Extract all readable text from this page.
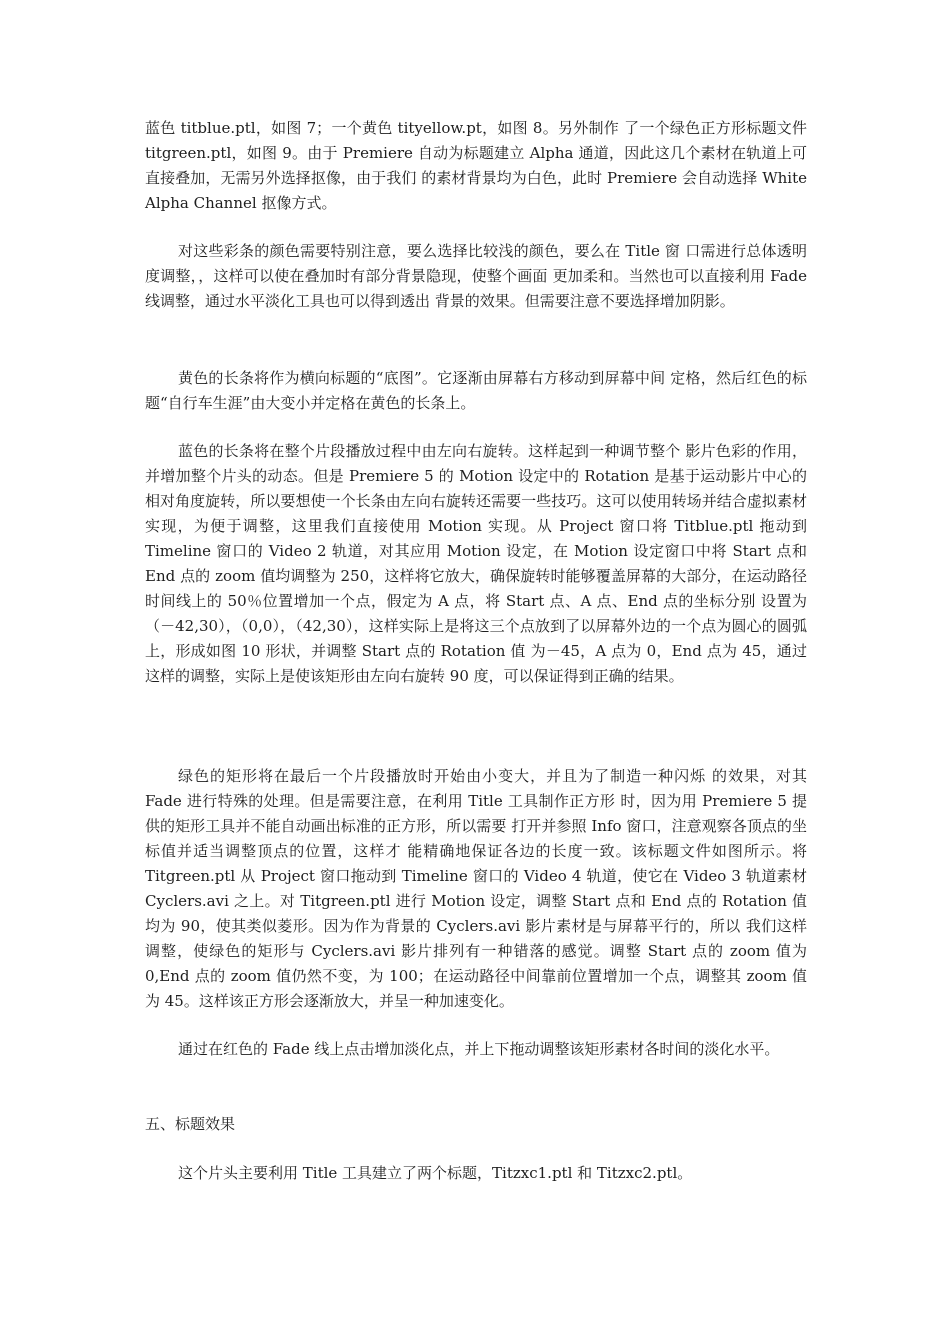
蓝色 titblue.ptl，如图 7；一个黄色 tityellow.pt，如图 8。另外制作 了一个绿色正方形标题文件 titgreen.ptl，如图 9。由于 Premiere 自动为标题建立 Alpha 通道，因此这几个素材在轨道上可直接叠加，无需另外选择抠像，由于我们 的素材背景均为白色，此时 Premiere 会自动选择 White Alpha Channel 抠像方式。

对这些彩条的颜色需要特别注意，要么选择比较浅的颜色，要么在 Title 窗 口需进行总体透明度调整，，这样可以使在叠加时有部分背景隐现，使整个画面 更加柔和。当然也可以直接利用 Fade 线调整，通过水平淡化工具也可以得到透出 背景的效果。但需要注意不要选择增加阴影。

黄色的长条将作为横向标题的“底图”。它逐渐由屏幕右方移动到屏幕中间 定格，然后红色的标题“自行车生涯”由大变小并定格在黄色的长条上。

蓝色的长条将在整个片段播放过程中由左向右旋转。这样起到一种调节整个 影片色彩的作用，并增加整个片头的动态。但是 Premiere 5 的 Motion 设定中的 Rotation 是基于运动影片中心的相对角度旋转，所以要想使一个长条由左向右旋转还需要一些技巧。这可以使用转场并结合虚拟素材实现，为便于调整，这里我们直接使用 Motion 实现。从 Project 窗口将 Titblue.ptl 拖动到 Timeline 窗口的 Video 2 轨道，对其应用 Motion 设定，在 Motion 设定窗口中将 Start 点和 End 点的 zoom 值均调整为 250，这样将它放大，确保旋转时能够覆盖屏幕的大部分，在运动路径时间线上的 50％位置增加一个点，假定为 A 点，将 Start 点、A 点、End 点的坐标分别 设置为（－42,30），（0,0），（42,30），这样实际上是将这三个点放到了以屏幕外边的一个点为圆心的圆弧上，形成如图 10 形状，并调整 Start 点的 Rotation 值 为－45，A 点为 0，End 点为 45，通过这样的调整，实际上是使该矩形由左向右旋转 90 度，可以保证得到正确的结果。

绿色的矩形将在最后一个片段播放时开始由小变大，并且为了制造一种闪烁 的效果，对其 Fade 进行特殊的处理。但是需要注意，在利用 Title 工具制作正方形 时，因为用 Premiere 5 提供的矩形工具并不能自动画出标准的正方形，所以需要 打开并参照 Info 窗口，注意观察各顶点的坐标值并适当调整顶点的位置，这样才 能精确地保证各边的长度一致。该标题文件如图所示。将 Titgreen.ptl 从 Project 窗口拖动到 Timeline 窗口的 Video 4 轨道，使它在 Video 3 轨道素材 Cyclers.avi 之上。对 Titgreen.ptl 进行 Motion 设定，调整 Start 点和 End 点的 Rotation 值均为 90，使其类似菱形。因为作为背景的 Cyclers.avi 影片素材是与屏幕平行的，所以 我们这样调整，使绿色的矩形与 Cyclers.avi 影片排列有一种错落的感觉。调整 Start 点的 zoom 值为 0,End 点的 zoom 值仍然不变，为 100；在运动路径中间靠前位置增加一个点，调整其 zoom 值为 45。这样该正方形会逐渐放大，并呈一种加速变化。

通过在红色的 Fade 线上点击增加淡化点，并上下拖动调整该矩形素材各时间的淡化水平。

五、标题效果

这个片头主要利用 Title 工具建立了两个标题，Titzxc1.ptl 和 Titzxc2.ptl。
